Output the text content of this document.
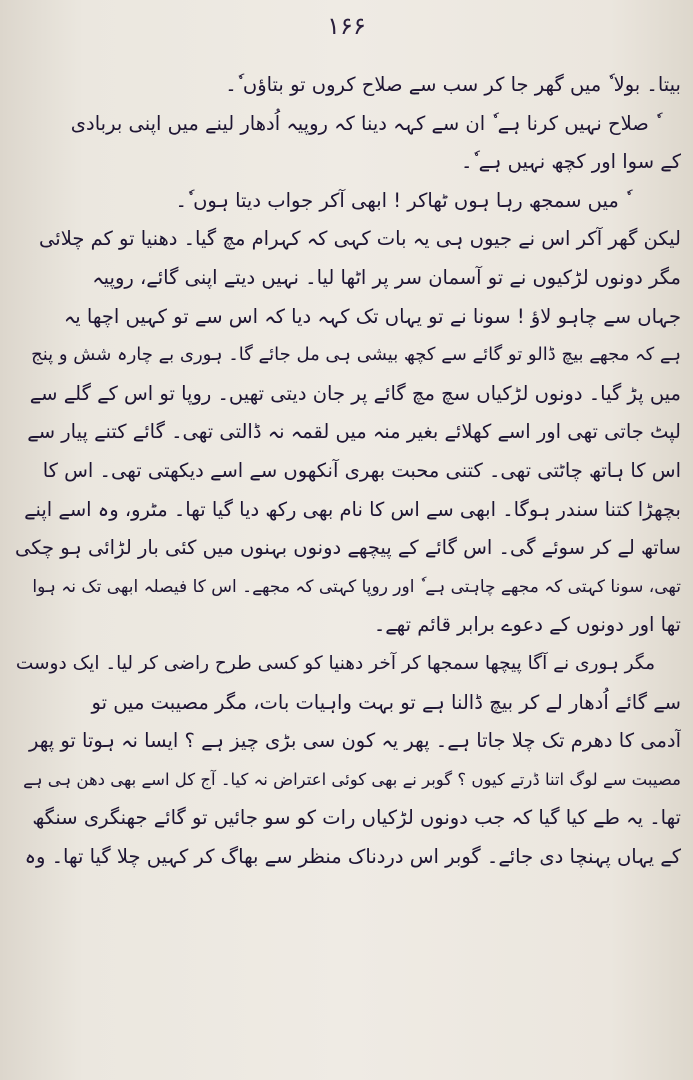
۱۶۶
بیتا۔ بولا ٗ میں گھر جا کر سب سے صلاح کروں تو بتاؤں ٗ۔
ٗ صلاح نہیں کرنا ہے ٗ ان سے کہہ دینا کہ روپیہ اُدھار لینے میں اپنی بربادی
کے سوا اور کچھ نہیں ہے ٗ۔
ٗ میں سمجھ رہا ہوں ٹھاکر ! ابھی آکر جواب دیتا ہوں ٗ۔
لیکن گھر آکر اس نے جیوں ہی یہ بات کہی کہ کہرام مچ گیا۔ دھنیا تو کم چلائی
مگر دونوں لڑکیوں نے تو آسمان سر پر اٹھا لیا۔ نہیں دیتے اپنی گائے، روپیہ
جہاں سے چاہو لاؤ ! سونا نے تو یہاں تک کہہ دیا کہ اس سے تو کہیں اچھا یہ
ہے کہ مجھے بیچ ڈالو تو گائے سے کچھ بیشی ہی مل جائے گا۔ ہوری بے چارہ شش و پنج
میں پڑ گیا۔ دونوں لڑکیاں سچ مچ گائے پر جان دیتی تھیں۔ روپا تو اس کے گلے سے
لپٹ جاتی تھی اور اسے کھلائے بغیر منہ میں لقمہ نہ ڈالتی تھی۔ گائے کتنے پیار سے
اس کا ہاتھ چاٹتی تھی۔ کتنی محبت بھری آنکھوں سے اسے دیکھتی تھی۔ اس کا
بچھڑا کتنا سندر ہوگا۔ ابھی سے اس کا نام بھی رکھ دیا گیا تھا۔ مٹرو، وہ اسے اپنے
ساتھ لے کر سوئے گی۔ اس گائے کے پیچھے دونوں بہنوں میں کئی بار لڑائی ہو چکی
تھی، سونا کہتی کہ مجھے چاہتی ہے ٗ اور روپا کہتی کہ مجھے۔ اس کا فیصلہ ابھی تک نہ ہوا
تھا اور دونوں کے دعوے برابر قائم تھے۔
مگر ہوری نے آگا پیچھا سمجھا کر آخر دھنیا کو کسی طرح راضی کر لیا۔ ایک دوست
سے گائے اُدھار لے کر بیچ ڈالنا ہے تو بہت واہیات بات، مگر مصیبت میں تو
آدمی کا دھرم تک چلا جاتا ہے۔ پھر یہ کون سی بڑی چیز ہے ؟ ایسا نہ ہوتا تو پھر
مصیبت سے لوگ اتنا ڈرتے کیوں ؟ گوبر نے بھی کوئی اعتراض نہ کیا۔ آج کل اسے بھی دھن ہی ہے
تھا۔ یہ طے کیا گیا کہ جب دونوں لڑکیاں رات کو سو جائیں تو گائے جھنگری سنگھ
کے یہاں پہنچا دی جائے۔ گوبر اس دردناک منظر سے بھاگ کر کہیں چلا گیا تھا۔ وہ
